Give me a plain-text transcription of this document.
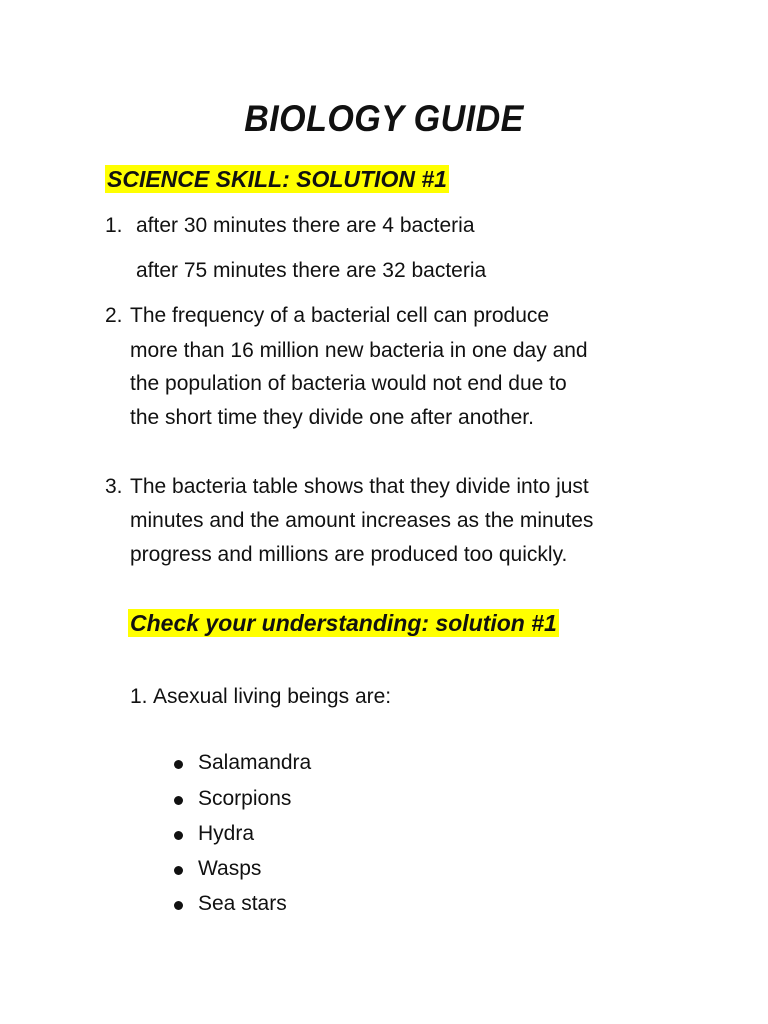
BIOLOGY GUIDE
SCIENCE SKILL: SOLUTION #1
1. after 30 minutes there are 4 bacteria
after 75 minutes there are 32 bacteria
2. The frequency of a bacterial cell can produce
more than 16 million new bacteria in one day and
the population of bacteria would not end due to
the short time they divide one after another.
3. The bacteria table shows that they divide into just
minutes and the amount increases as the minutes
progress and millions are produced too quickly.
Check your understanding: solution #1
1. Asexual living beings are:
Salamandra
Scorpions
Hydra
Wasps
Sea stars
